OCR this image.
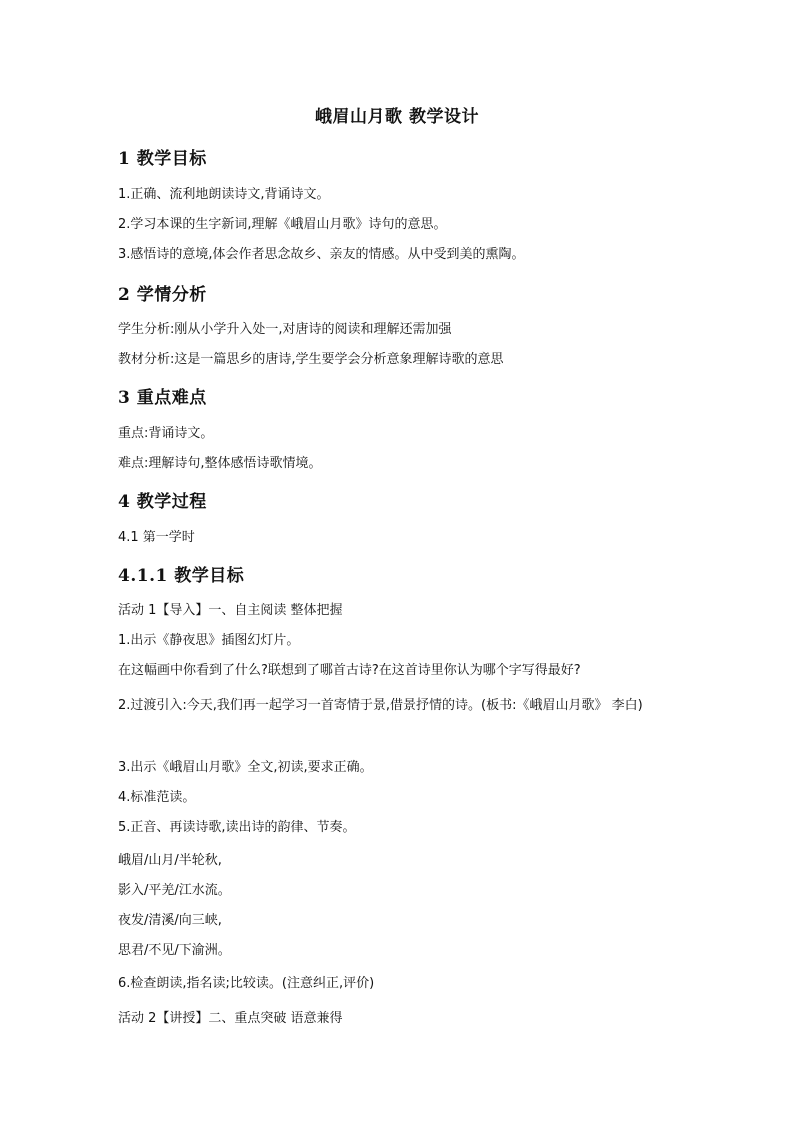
峨眉山月歌 教学设计
1 教学目标
1.正确、流利地朗读诗文,背诵诗文。
2.学习本课的生字新词,理解《峨眉山月歌》诗句的意思。
3.感悟诗的意境,体会作者思念故乡、亲友的情感。从中受到美的熏陶。
2 学情分析
学生分析:刚从小学升入处一,对唐诗的阅读和理解还需加强
教材分析:这是一篇思乡的唐诗,学生要学会分析意象理解诗歌的意思
3 重点难点
重点:背诵诗文。
难点:理解诗句,整体感悟诗歌情境。
4 教学过程
4.1 第一学时
4.1.1 教学目标
活动 1【导入】一、自主阅读 整体把握
1.出示《静夜思》插图幻灯片。
在这幅画中你看到了什么?联想到了哪首古诗?在这首诗里你认为哪个字写得最好?
2.过渡引入:今天,我们再一起学习一首寄情于景,借景抒情的诗。(板书:《峨眉山月歌》 李白)
3.出示《峨眉山月歌》全文,初读,要求正确。
4.标准范读。
5.正音、再读诗歌,读出诗的韵律、节奏。
峨眉/山月/半轮秋,
影入/平羌/江水流。
夜发/清溪/向三峡,
思君/不见/下渝洲。
6.检查朗读,指名读;比较读。(注意纠正,评价)
活动 2【讲授】二、重点突破 语意兼得
